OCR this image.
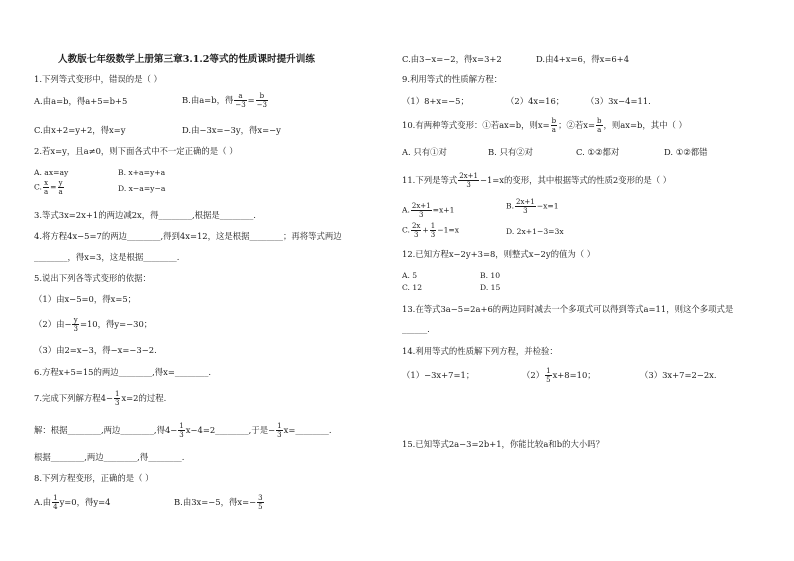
人教版七年级数学上册第三章3.1.2等式的性质课时提升训练
1.下列等式变形中，错误的是（ ）
A.由a=b，得a+5=b+5	B.由a=b，得 $\frac{a}{-3} = \frac{b}{-3}$
C.由x+2=y+2，得x=y	D.由−3x=−3y，得x=−y
2.若x=y，且a≠0，则下面各式中不一定正确的是（ ）
A. ax=ay	B. x+a=y+a
C. $\frac{x}{a} = \frac{y}{a}$	D. x−a=y−a
3.等式3x=2x+1的两边减2x，得________,根据是________.
4.将方程4x−5=7的两边________,得到4x=12，这是根据________；再将等式两边
________，得x=3，这是根据________.
5.说出下列各等式变形的依据：
（1）由x−5=0，得x=5；
（2）由− $\frac{y}{3} =10$，得y=−30；
（3）由2=x−3，得−x=−3−2.
6.方程x+5=15的两边________,得x=________.
7.完成下列解方程$4- \frac{1}{3} x=2$的过程.
解：根据________,两边________,得$4- \frac{1}{3}$ x−4=2________,于是− $\frac{1}{3}$ x=________.
根据________,两边________,得________.
8.下列方程变形，正确的是（ ）
A.由 $\frac{1}{4} y=0$，得y=4	B.由3x=−5，得$x=- \frac{3}{5}$
C.由3−x=−2，得x=3+2	D.由4+x=6，得x=6+4
9.利用等式的性质解方程：
（1）8+x=−5；	（2）4x=16；	（3）3x−4=11.
10.有两种等式变形：①若ax=b，则$x= \frac{b}{a}$ ；②若$x= \frac{b}{a}$ ，则ax=b，其中（ ）
A. 只有①对	B. 只有②对	C. ①②都对	D. ①②都错
11.下列是等式 $\frac{2x+1}{3} -1=x$的变形，其中根据等式的性质2变形的是（ ）
A. $\frac{2x+1}{3} =x+1$	B. $\frac{2x+1}{3} -x=1$
C. $\frac{2x}{3} + \frac{1}{3} -1=x$	D. 2x+1−3=3x
12.已知方程x−2y+3=8，则整式x−2y的值为（ ）
A. 5	B. 10
C. 12	D. 15
13.在等式3a−5=2a+6的两边同时减去一个多项式可以得到等式a=11，则这个多项式是
______.
14.利用等式的性质解下列方程，并检验：
（1）−3x+7=1；	$(2) \frac{1}{5} x+8=10$；	（3）3x+7=2−2x.
15.已知等式2a−3=2b+1，你能比较a和b的大小吗？
